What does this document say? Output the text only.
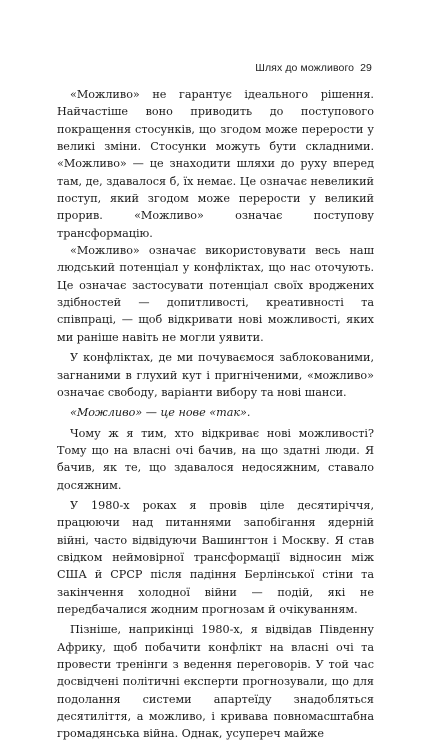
Шлях до можливого 29

«Можливо» не гарантує ідеального рішення. Найчастіше воно приводить до поступового покращення стосунків, що згодом може перерости у великі зміни. Стосунки можуть бути складними. «Можливо» — це знаходити шляхи до руху вперед там, де, здавалося б, їх немає. Це означає невеликий поступ, який згодом може перерости у великий прорив. «Можливо» означає поступову трансформацію.

«Можливо» означає використовувати весь наш людський потенціал у конфліктах, що нас оточують. Це означає застосувати потенціал своїх вроджених здібностей — допитливості, креативності та співпраці, — щоб відкривати нові можливості, яких ми раніше навіть не могли уявити.

У конфліктах, де ми почуваємося заблокованими, загнаними в глухий кут і пригніченими, «можливо» означає свободу, варіанти вибору та нові шанси.

«Можливо» — це нове «так».

Чому ж я тим, хто відкриває нові можливості? Тому що на власні очі бачив, на що здатні люди. Я бачив, як те, що здавалося недосяжним, ставало досяжним.

У 1980-х роках я провів ціле десятиріччя, працюючи над питаннями запобігання ядерній війні, часто відвідуючи Вашингтон і Москву. Я став свідком неймовірної трансформації відносин між США й СРСР після падіння Берлінської стіни та закінчення холодної війни — подій, які не передбачалися жодним прогнозам й очікуванням.

Пізніше, наприкінці 1980-х, я відвідав Південну Африку, щоб побачити конфлікт на власні очі та провести тренінги з ведення переговорів. У той час досвідчені політичні експерти прогнозували, що для подолання системи апартеїду знадобляться десятиліття, а можливо, і кривава повномасштабна громадянська війна. Однак, усупереч майже
